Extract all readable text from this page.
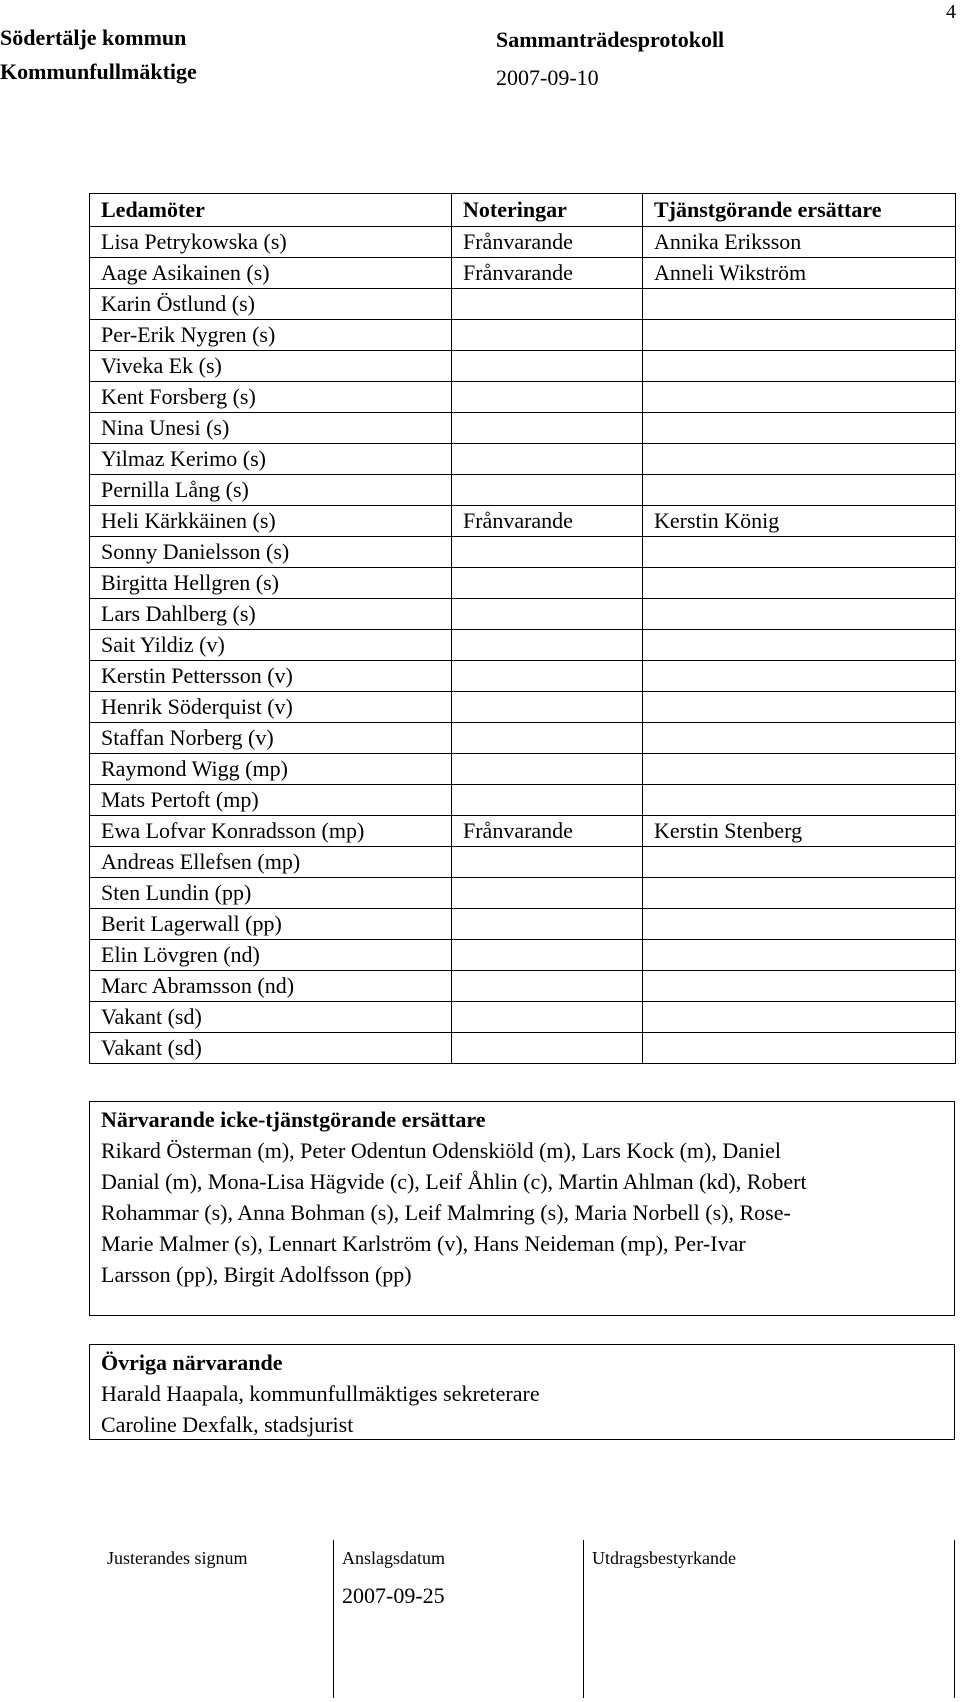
Södertälje kommun
Kommunfullmäktige
Sammanträdesprotokoll
2007-09-10
4
Ledamöter	Noteringar	Tjänstgörande ersättare
Lisa Petrykowska (s)	Frånvarande	Annika Eriksson
Aage Asikainen (s)	Frånvarande	Anneli Wikström
Karin Östlund (s)		
Per-Erik Nygren (s)		
Viveka Ek (s)		
Kent Forsberg (s)		
Nina Unesi (s)		
Yilmaz Kerimo (s)		
Pernilla Lång (s)		
Heli Kärkkäinen (s)	Frånvarande	Kerstin König
Sonny Danielsson (s)		
Birgitta Hellgren (s)		
Lars Dahlberg (s)		
Sait Yildiz (v)		
Kerstin Pettersson (v)		
Henrik Söderquist (v)		
Staffan Norberg (v)		
Raymond Wigg (mp)		
Mats Pertoft (mp)		
Ewa Lofvar Konradsson (mp)	Frånvarande	Kerstin Stenberg
Andreas Ellefsen (mp)		
Sten Lundin (pp)		
Berit Lagerwall (pp)		
Elin Lövgren (nd)		
Marc Abramsson (nd)		
Vakant (sd)		
Vakant (sd)		
Närvarande icke-tjänstgörande ersättare
Rikard Österman (m), Peter Odentun Odenskiöld (m), Lars Kock (m), Daniel
Danial (m), Mona-Lisa Hägvide (c), Leif Åhlin (c), Martin Ahlman (kd), Robert
Rohammar (s), Anna Bohman (s), Leif Malmring (s), Maria Norbell (s), Rose-
Marie Malmer (s), Lennart Karlström (v), Hans Neideman (mp), Per-Ivar
Larsson (pp), Birgit Adolfsson (pp)
Övriga närvarande
Harald Haapala, kommunfullmäktiges sekreterare
Caroline Dexfalk, stadsjurist
Justerandes signum	Anslagsdatum
2007-09-25
Utdragsbestyrkande
